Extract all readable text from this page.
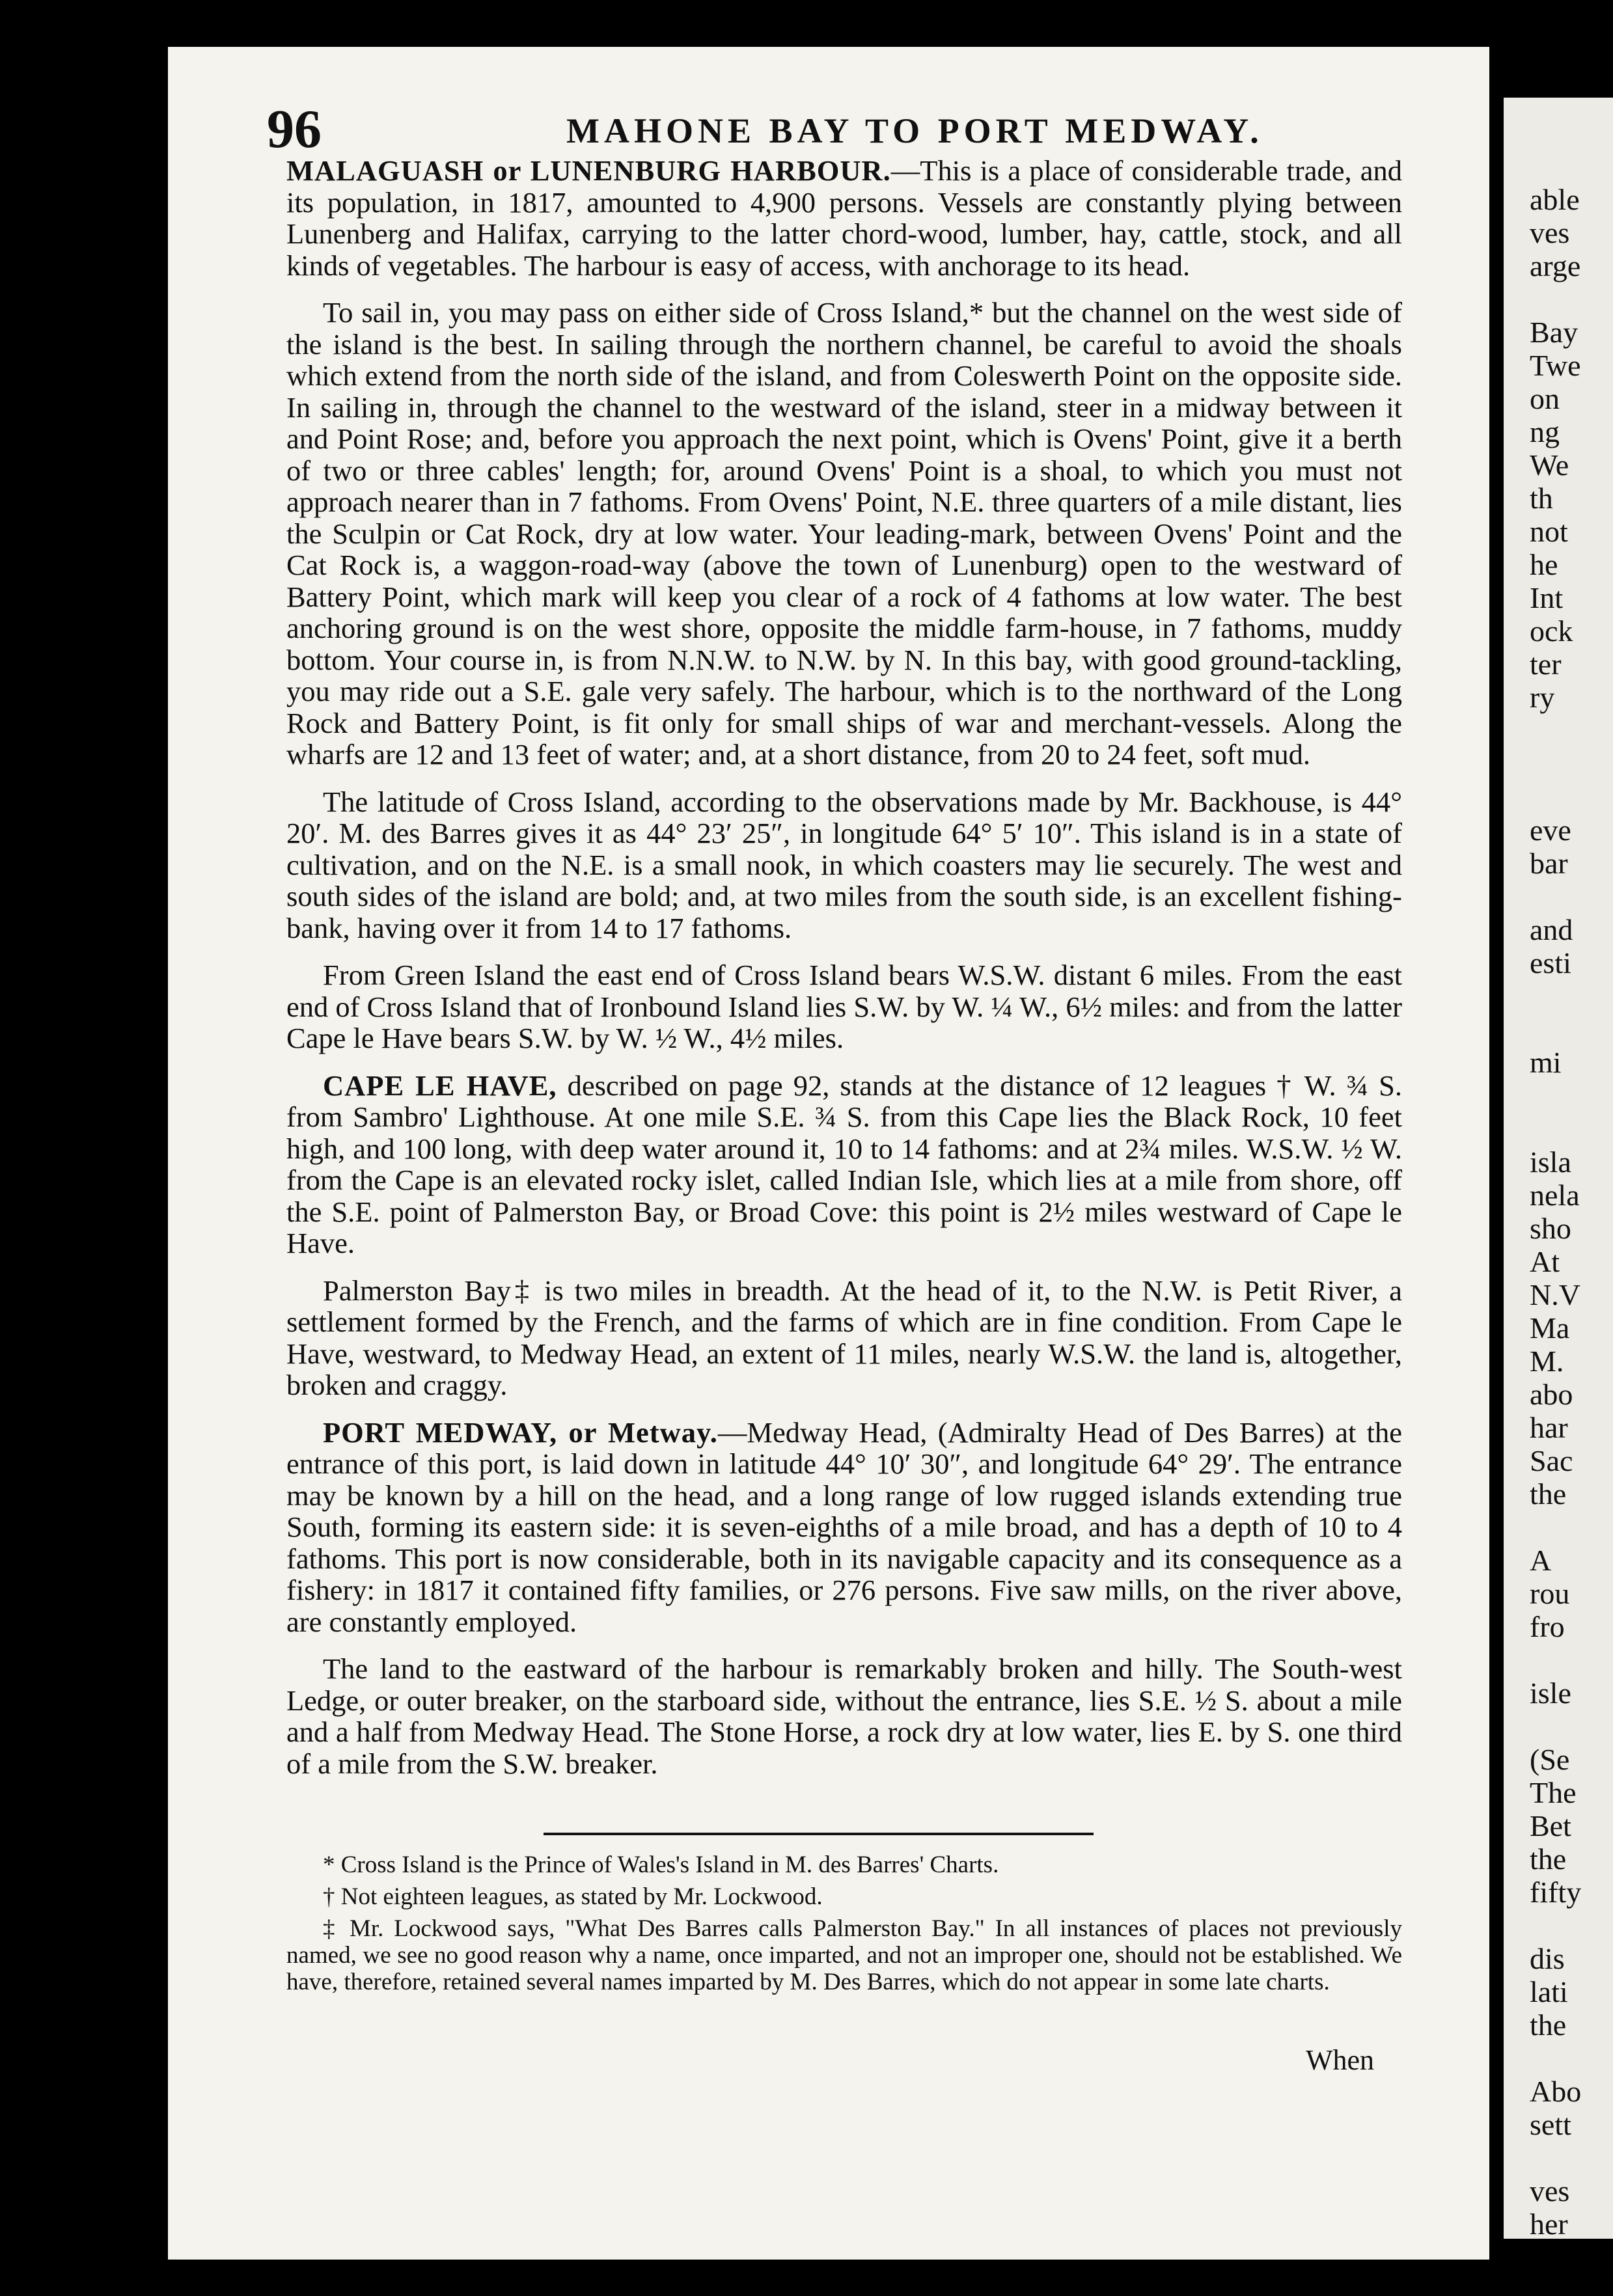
able
ves
arge
Bay
Twe
on
ng
We
th
not
he
Int
ock
ter
ry
eve
bar
and
esti
mi
isla
nela
sho
At
N.V
Ma
M.
abo
har
Sac
the
A
rou
fro
isle
(Se
The
Bet
the
fifty
dis
lati
the
Abo
sett
ves
her
96	MAHONE BAY TO PORT MEDWAY.

MALAGUASH or LUNENBURG HARBOUR.—This is a place of considerable trade, and its population, in 1817, amounted to 4,900 persons. Vessels are constantly plying between Lunenberg and Halifax, carrying to the latter chord-wood, lumber, hay, cattle, stock, and all kinds of vegetables. The harbour is easy of access, with anchorage to its head.

To sail in, you may pass on either side of Cross Island,* but the channel on the west side of the island is the best. In sailing through the northern channel, be careful to avoid the shoals which extend from the north side of the island, and from Coleswerth Point on the opposite side. In sailing in, through the channel to the westward of the island, steer in a midway between it and Point Rose; and, before you approach the next point, which is Ovens' Point, give it a berth of two or three cables' length; for, around Ovens' Point is a shoal, to which you must not approach nearer than in 7 fathoms. From Ovens' Point, N.E. three quarters of a mile distant, lies the Sculpin or Cat Rock, dry at low water. Your leading-mark, between Ovens' Point and the Cat Rock is, a waggon-road-way (above the town of Lunenburg) open to the westward of Battery Point, which mark will keep you clear of a rock of 4 fathoms at low water. The best anchoring ground is on the west shore, opposite the middle farm-house, in 7 fathoms, muddy bottom. Your course in, is from N.N.W. to N.W. by N. In this bay, with good ground-tackling, you may ride out a S.E. gale very safely. The harbour, which is to the northward of the Long Rock and Battery Point, is fit only for small ships of war and merchant-vessels. Along the wharfs are 12 and 13 feet of water; and, at a short distance, from 20 to 24 feet, soft mud.

The latitude of Cross Island, according to the observations made by Mr. Backhouse, is 44° 20′. M. des Barres gives it as 44° 23′ 25″, in longitude 64° 5′ 10″. This island is in a state of cultivation, and on the N.E. is a small nook, in which coasters may lie securely. The west and south sides of the island are bold; and, at two miles from the south side, is an excellent fishing-bank, having over it from 14 to 17 fathoms.

From Green Island the east end of Cross Island bears W.S.W. distant 6 miles. From the east end of Cross Island that of Ironbound Island lies S.W. by W. ¼ W., 6½ miles: and from the latter Cape le Have bears S.W. by W. ½ W., 4½ miles.

CAPE LE HAVE, described on page 92, stands at the distance of 12 leagues † W. ¾ S. from Sambro' Lighthouse. At one mile S.E. ¾ S. from this Cape lies the Black Rock, 10 feet high, and 100 long, with deep water around it, 10 to 14 fathoms: and at 2¾ miles. W.S.W. ½ W. from the Cape is an elevated rocky islet, called Indian Isle, which lies at a mile from shore, off the S.E. point of Palmerston Bay, or Broad Cove: this point is 2½ miles westward of Cape le Have.

Palmerston Bay‡ is two miles in breadth. At the head of it, to the N.W. is Petit River, a settlement formed by the French, and the farms of which are in fine condition. From Cape le Have, westward, to Medway Head, an extent of 11 miles, nearly W.S.W. the land is, altogether, broken and craggy.

PORT MEDWAY, or Metway.—Medway Head, (Admiralty Head of Des Barres) at the entrance of this port, is laid down in latitude 44° 10′ 30″, and longitude 64° 29′. The entrance may be known by a hill on the head, and a long range of low rugged islands extending true South, forming its eastern side: it is seven-eighths of a mile broad, and has a depth of 10 to 4 fathoms. This port is now considerable, both in its navigable capacity and its consequence as a fishery: in 1817 it contained fifty families, or 276 persons. Five saw mills, on the river above, are constantly employed.

The land to the eastward of the harbour is remarkably broken and hilly. The South-west Ledge, or outer breaker, on the starboard side, without the entrance, lies S.E. ½ S. about a mile and a half from Medway Head. The Stone Horse, a rock dry at low water, lies E. by S. one third of a mile from the S.W. breaker.

* Cross Island is the Prince of Wales's Island in M. des Barres' Charts.

† Not eighteen leagues, as stated by Mr. Lockwood.

‡ Mr. Lockwood says, "What Des Barres calls Palmerston Bay." In all instances of places not previously named, we see no good reason why a name, once imparted, and not an improper one, should not be established. We have, therefore, retained several names imparted by M. Des Barres, which do not appear in some late charts.

When
